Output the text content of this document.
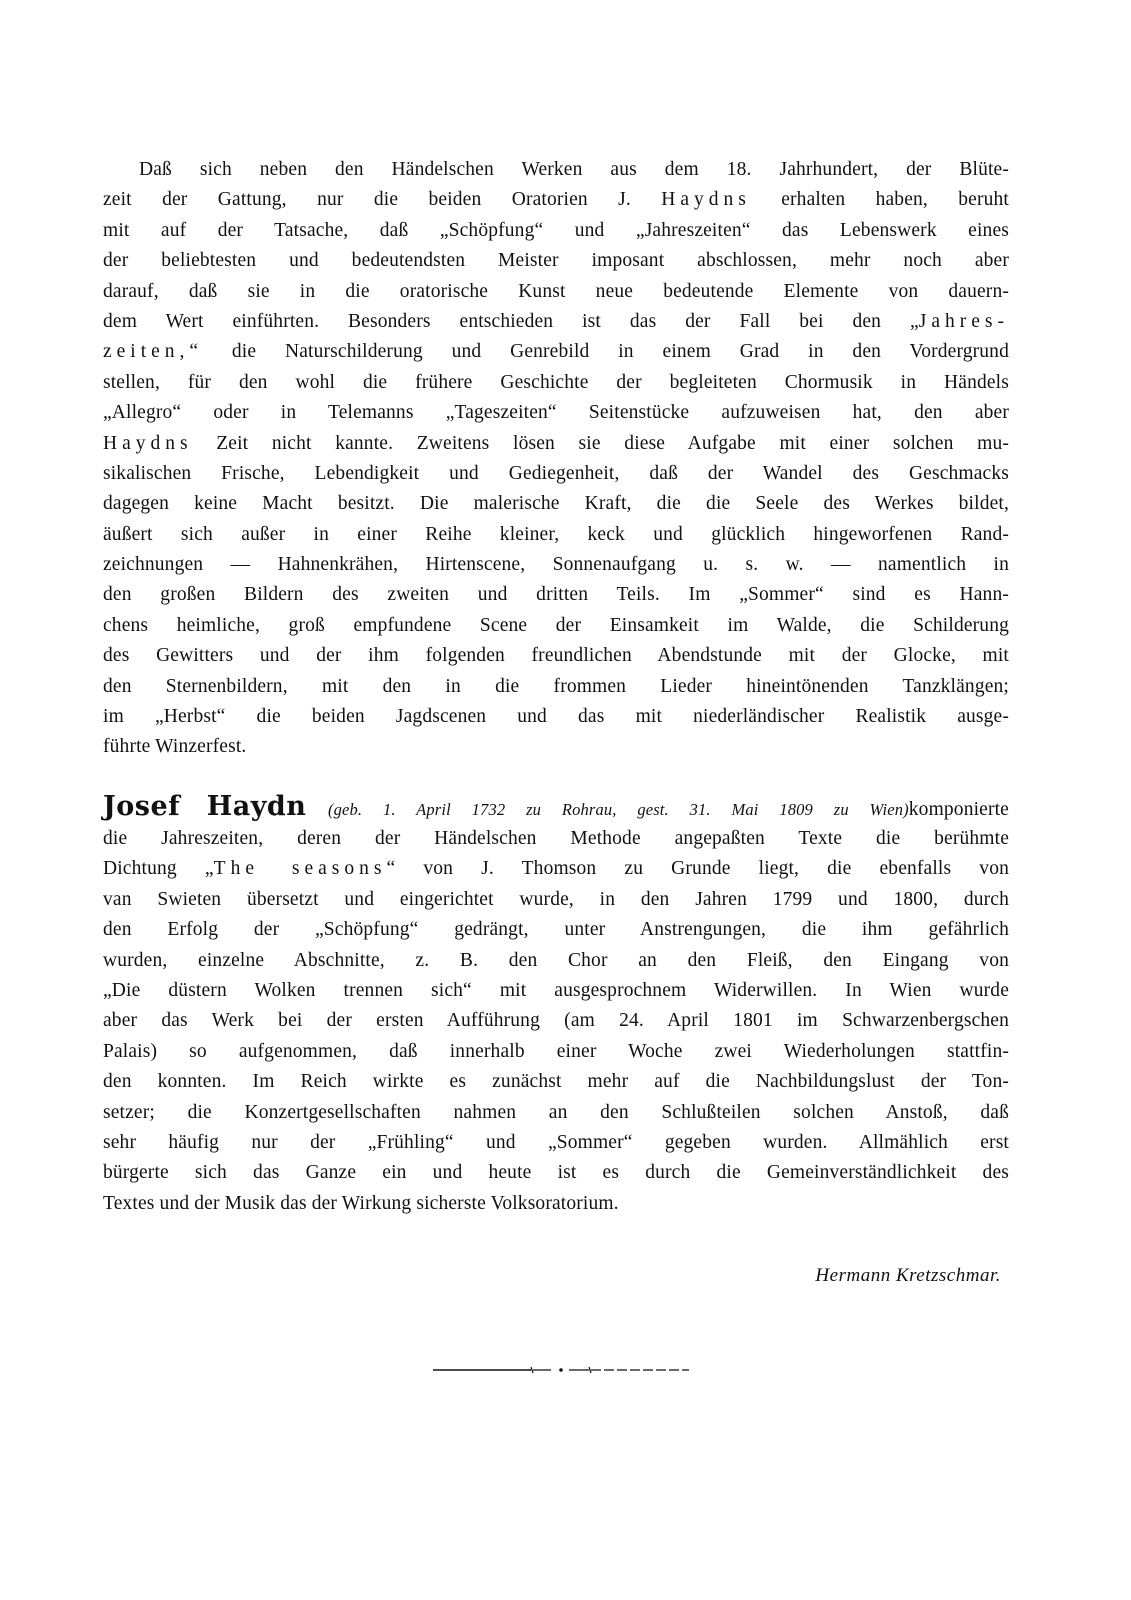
Daß sich neben den Händelschen Werken aus dem 18. Jahrhundert, der Blüte-
zeit der Gattung, nur die beiden Oratorien J. Haydns erhalten haben, beruht
mit auf der Tatsache, daß „Schöpfung“ und „Jahreszeiten“ das Lebenswerk eines
der beliebtesten und bedeutendsten Meister imposant abschlossen, mehr noch aber
darauf, daß sie in die oratorische Kunst neue bedeutende Elemente von dauern-
dem Wert einführten. Besonders entschieden ist das der Fall bei den „Jahres-
zeiten,“ die Naturschilderung und Genrebild in einem Grad in den Vordergrund
stellen, für den wohl die frühere Geschichte der begleiteten Chormusik in Händels
„Allegro“ oder in Telemanns „Tageszeiten“ Seitenstücke aufzuweisen hat, den aber
Haydns Zeit nicht kannte. Zweitens lösen sie diese Aufgabe mit einer solchen mu-
sikalischen Frische, Lebendigkeit und Gediegenheit, daß der Wandel des Geschmacks
dagegen keine Macht besitzt. Die malerische Kraft, die die Seele des Werkes bildet,
äußert sich außer in einer Reihe kleiner, keck und glücklich hingeworfenen Rand-
zeichnungen — Hahnenkrähen, Hirtenscene, Sonnenaufgang u. s. w. — namentlich in
den großen Bildern des zweiten und dritten Teils. Im „Sommer“ sind es Hann-
chens heimliche, groß empfundene Scene der Einsamkeit im Walde, die Schilderung
des Gewitters und der ihm folgenden freundlichen Abendstunde mit der Glocke, mit
den Sternenbildern, mit den in die frommen Lieder hineintönenden Tanzklängen;
im „Herbst“ die beiden Jagdscenen und das mit niederländischer Realistik ausge-
führte Winzerfest.
Josef Haydn (geb. 1. April 1732 zu Rohrau, gest. 31. Mai 1809 zu Wien)komponierte
die Jahreszeiten, deren der Händelschen Methode angepaßten Texte die berühmte
Dichtung „The seasons“ von J. Thomson zu Grunde liegt, die ebenfalls von
van Swieten übersetzt und eingerichtet wurde, in den Jahren 1799 und 1800, durch
den Erfolg der „Schöpfung“ gedrängt, unter Anstrengungen, die ihm gefährlich
wurden, einzelne Abschnitte, z. B. den Chor an den Fleiß, den Eingang von
„Die düstern Wolken trennen sich“ mit ausgesprochnem Widerwillen. In Wien wurde
aber das Werk bei der ersten Aufführung (am 24. April 1801 im Schwarzenbergschen
Palais) so aufgenommen, daß innerhalb einer Woche zwei Wiederholungen stattfin-
den konnten. Im Reich wirkte es zunächst mehr auf die Nachbildungslust der Ton-
setzer; die Konzertgesellschaften nahmen an den Schlußteilen solchen Anstoß, daß
sehr häufig nur der „Frühling“ und „Sommer“ gegeben wurden. Allmählich erst
bürgerte sich das Ganze ein und heute ist es durch die Gemeinverständlichkeit des
Textes und der Musik das der Wirkung sicherste Volksoratorium.
Hermann Kretzschmar.
